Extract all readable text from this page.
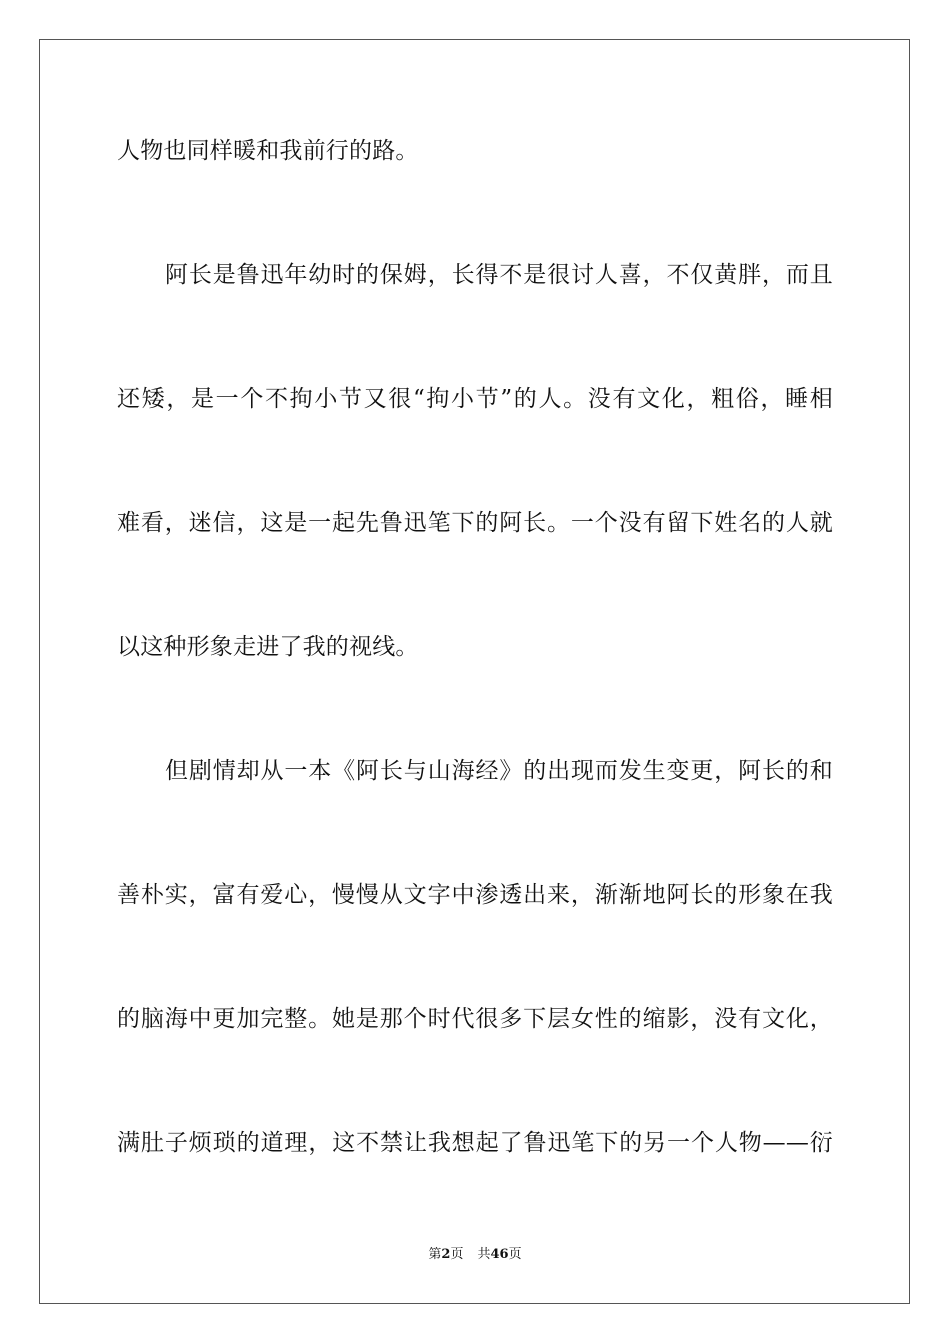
人物也同样暖和我前行的路。
阿长是鲁迅年幼时的保姆，长得不是很讨人喜，不仅黄胖，而且
还矮，是一个不拘小节又很“拘小节”的人。没有文化，粗俗，睡相
难看，迷信，这是一起先鲁迅笔下的阿长。一个没有留下姓名的人就
以这种形象走进了我的视线。
但剧情却从一本《阿长与山海经》的出现而发生变更，阿长的和
善朴实，富有爱心，慢慢从文字中渗透出来，渐渐地阿长的形象在我
的脑海中更加完整。她是那个时代很多下层女性的缩影，没有文化，
满肚子烦琐的道理，这不禁让我想起了鲁迅笔下的另一个人物——衍
第2页 共46页
